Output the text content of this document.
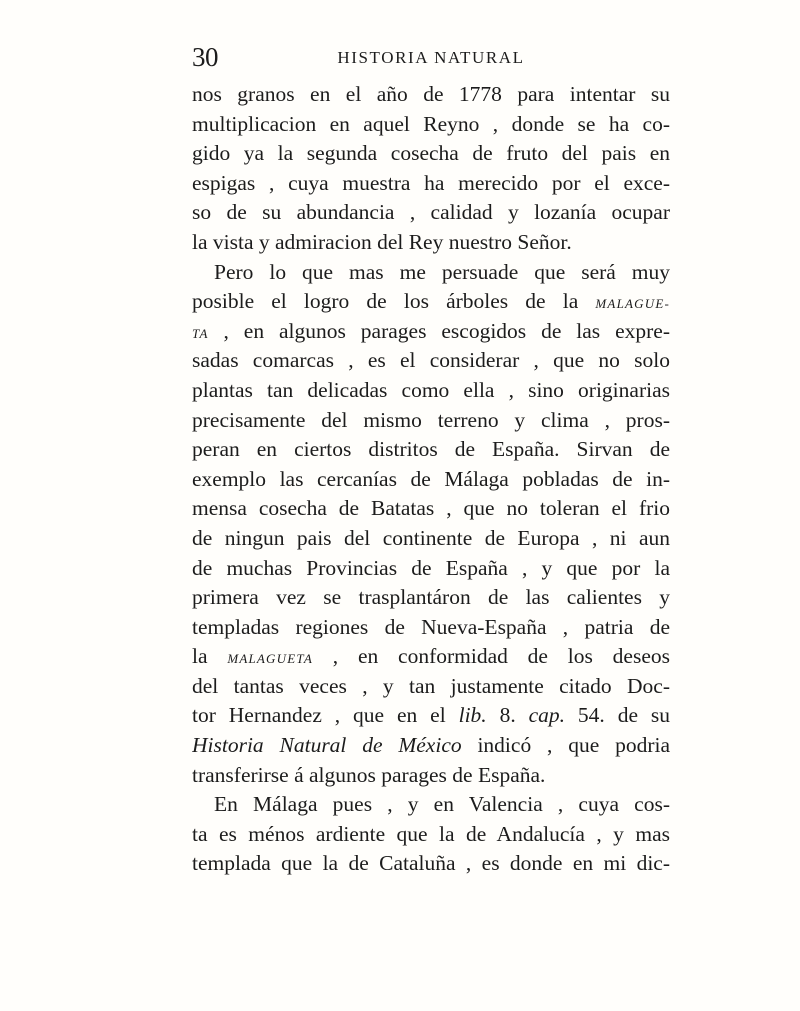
30	HISTORIA NATURAL
nos granos en el año de 1778 para intentar su
multiplicacion en aquel Reyno , donde se ha co-
gido ya la segunda cosecha de fruto del pais en
espigas , cuya muestra ha merecido por el exce-
so de su abundancia , calidad y lozanía ocupar
la vista y admiracion del Rey nuestro Señor.
Pero lo que mas me persuade que será muy
posible el logro de los árboles de la MALAGUE-
TA , en algunos parages escogidos de las expre-
sadas comarcas , es el considerar , que no solo
plantas tan delicadas como ella , sino originarias
precisamente del mismo terreno y clima , pros-
peran en ciertos distritos de España. Sirvan de
exemplo las cercanías de Málaga pobladas de in-
mensa cosecha de Batatas , que no toleran el frio
de ningun pais del continente de Europa , ni aun
de muchas Provincias de España , y que por la
primera vez se trasplantáron de las calientes y
templadas regiones de Nueva-España , patria de
la MALAGUETA , en conformidad de los deseos
del tantas veces , y tan justamente citado Doc-
tor Hernandez , que en el lib. 8. cap. 54. de su
Historia Natural de México indicó , que podria
transferirse á algunos parages de España.
En Málaga pues , y en Valencia , cuya cos-
ta es ménos ardiente que la de Andalucía , y mas
templada que la de Cataluña , es donde en mi dic-
